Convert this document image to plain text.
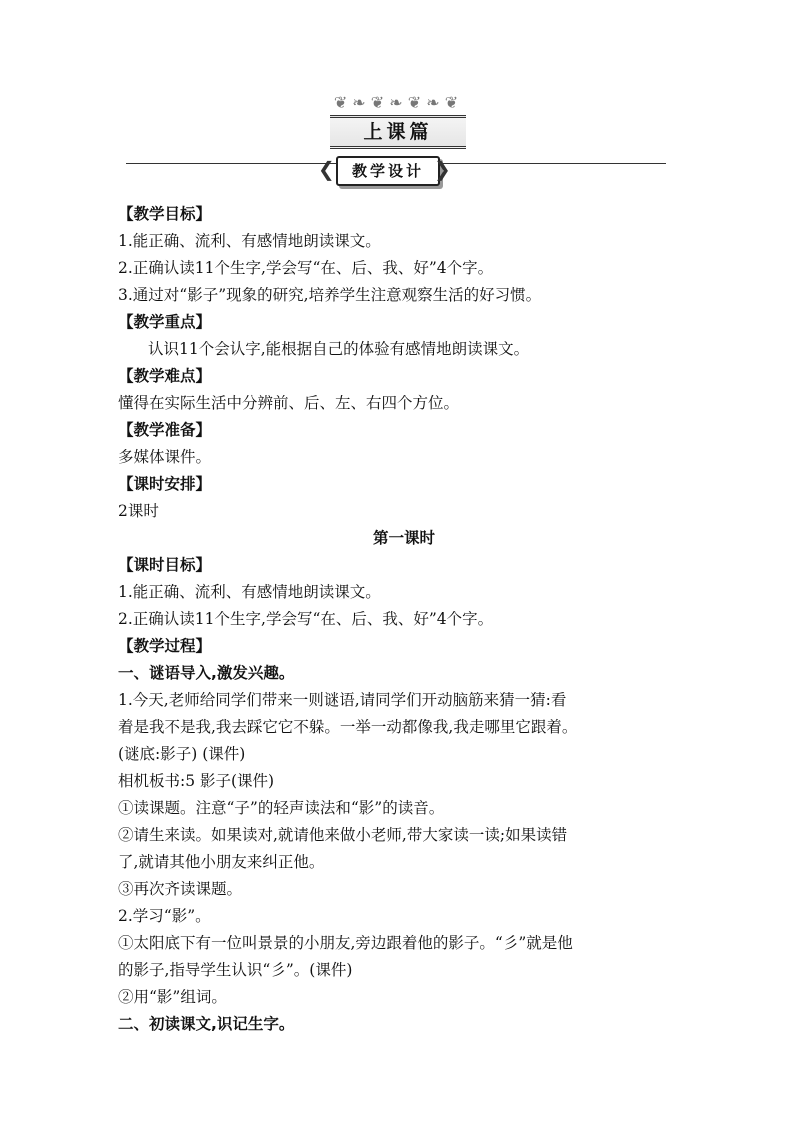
❦ ❧ ❦ ❧ ❦ ❧ ❦
上课篇
❮	教学设计 ❯
【教学目标】
1.能正确、流利、有感情地朗读课文。
2.正确认读11个生字,学会写“在、后、我、好”4个字。
3.通过对“影子”现象的研究,培养学生注意观察生活的好习惯。
【教学重点】
认识11个会认字,能根据自己的体验有感情地朗读课文。
【教学难点】
懂得在实际生活中分辨前、后、左、右四个方位。
【教学准备】
多媒体课件。
【课时安排】
2课时
第一课时
【课时目标】
1.能正确、流利、有感情地朗读课文。
2.正确认读11个生字,学会写“在、后、我、好”4个字。
【教学过程】
一、谜语导入,激发兴趣。
1.今天,老师给同学们带来一则谜语,请同学们开动脑筋来猜一猜:看
着是我不是我,我去踩它它不躲。一举一动都像我,我走哪里它跟着。
(谜底:影子) (课件)
相机板书:5 影子(课件)
①读课题。注意“子”的轻声读法和“影”的读音。
②请生来读。如果读对,就请他来做小老师,带大家读一读;如果读错
了,就请其他小朋友来纠正他。
③再次齐读课题。
2.学习“影”。
①太阳底下有一位叫景景的小朋友,旁边跟着他的影子。“彡”就是他
的影子,指导学生认识“彡”。(课件)
②用“影”组词。
二、初读课文,识记生字。
